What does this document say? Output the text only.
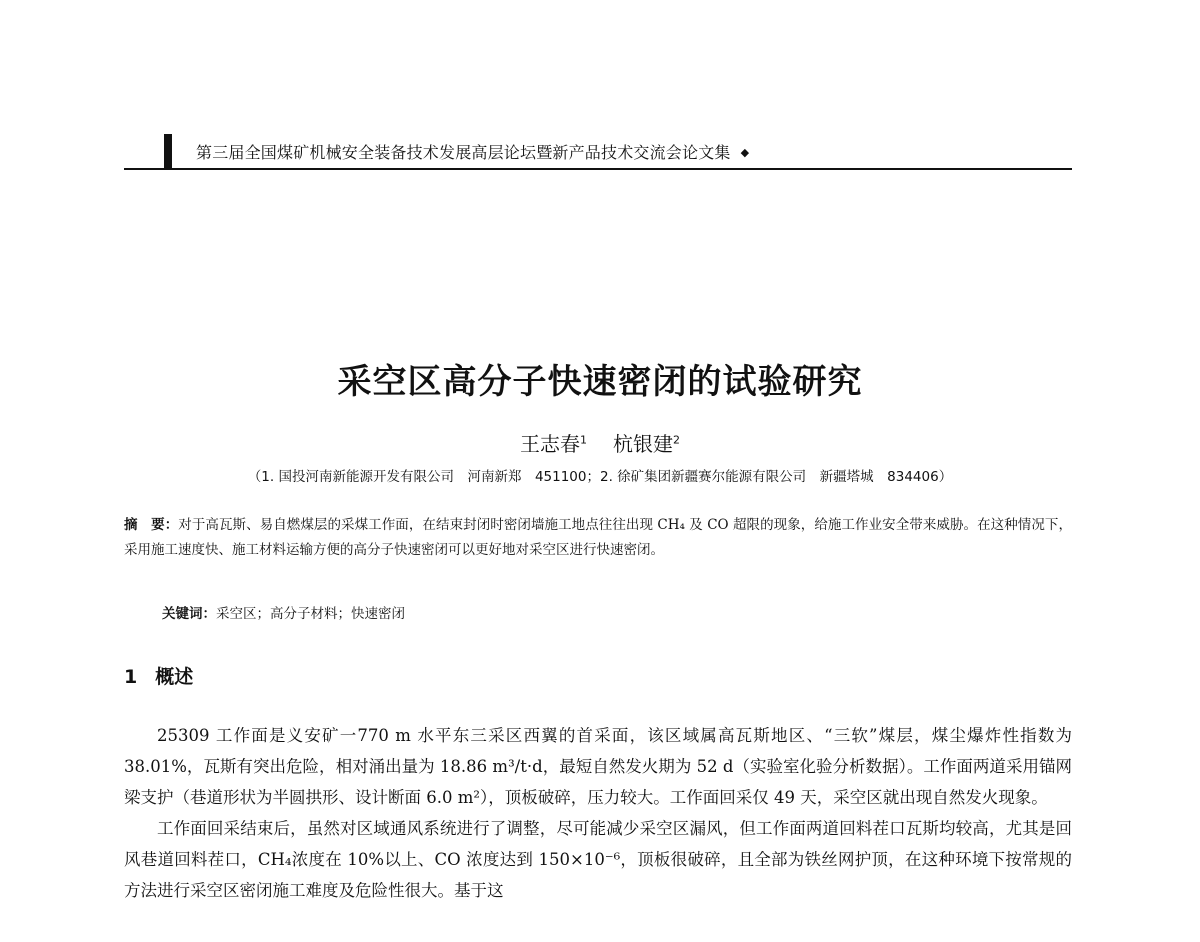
第三届全国煤矿机械安全装备技术发展高层论坛暨新产品技术交流会论文集 ◆
采空区高分子快速密闭的试验研究
王志春$^1$ 杭银建$^2$
（1. 国投河南新能源开发有限公司　河南新郑　451100；2. 徐矿集团新疆赛尔能源有限公司　新疆塔城　834406）

摘　要：对于高瓦斯、易自燃煤层的采煤工作面，在结束封闭时密闭墙施工地点往往出现 CH₄ 及 CO 超限的现象，给施工作业安全带来威胁。在这种情况下，采用施工速度快、施工材料运输方便的高分子快速密闭可以更好地对采空区进行快速密闭。

关键词：采空区；高分子材料；快速密闭

1 概述

25309 工作面是义安矿一770 m 水平东三采区西翼的首采面，该区域属高瓦斯地区、“三软”煤层，煤尘爆炸性指数为 38.01%，瓦斯有突出危险，相对涌出量为 18.86 m³/t·d，最短自然发火期为 52 d（实验室化验分析数据）。工作面两道采用锚网梁支护（巷道形状为半圆拱形、设计断面 6.0 m²），顶板破碎，压力较大。工作面回采仅 49 天，采空区就出现自然发火现象。

工作面回采结束后，虽然对区域通风系统进行了调整，尽可能减少采空区漏风，但工作面两道回料茬口瓦斯均较高，尤其是回风巷道回料茬口，CH₄浓度在 10%以上、CO 浓度达到 150×10⁻⁶，顶板很破碎，且全部为铁丝网护顶，在这种环境下按常规的方法进行采空区密闭施工难度及危险性很大。基于这
